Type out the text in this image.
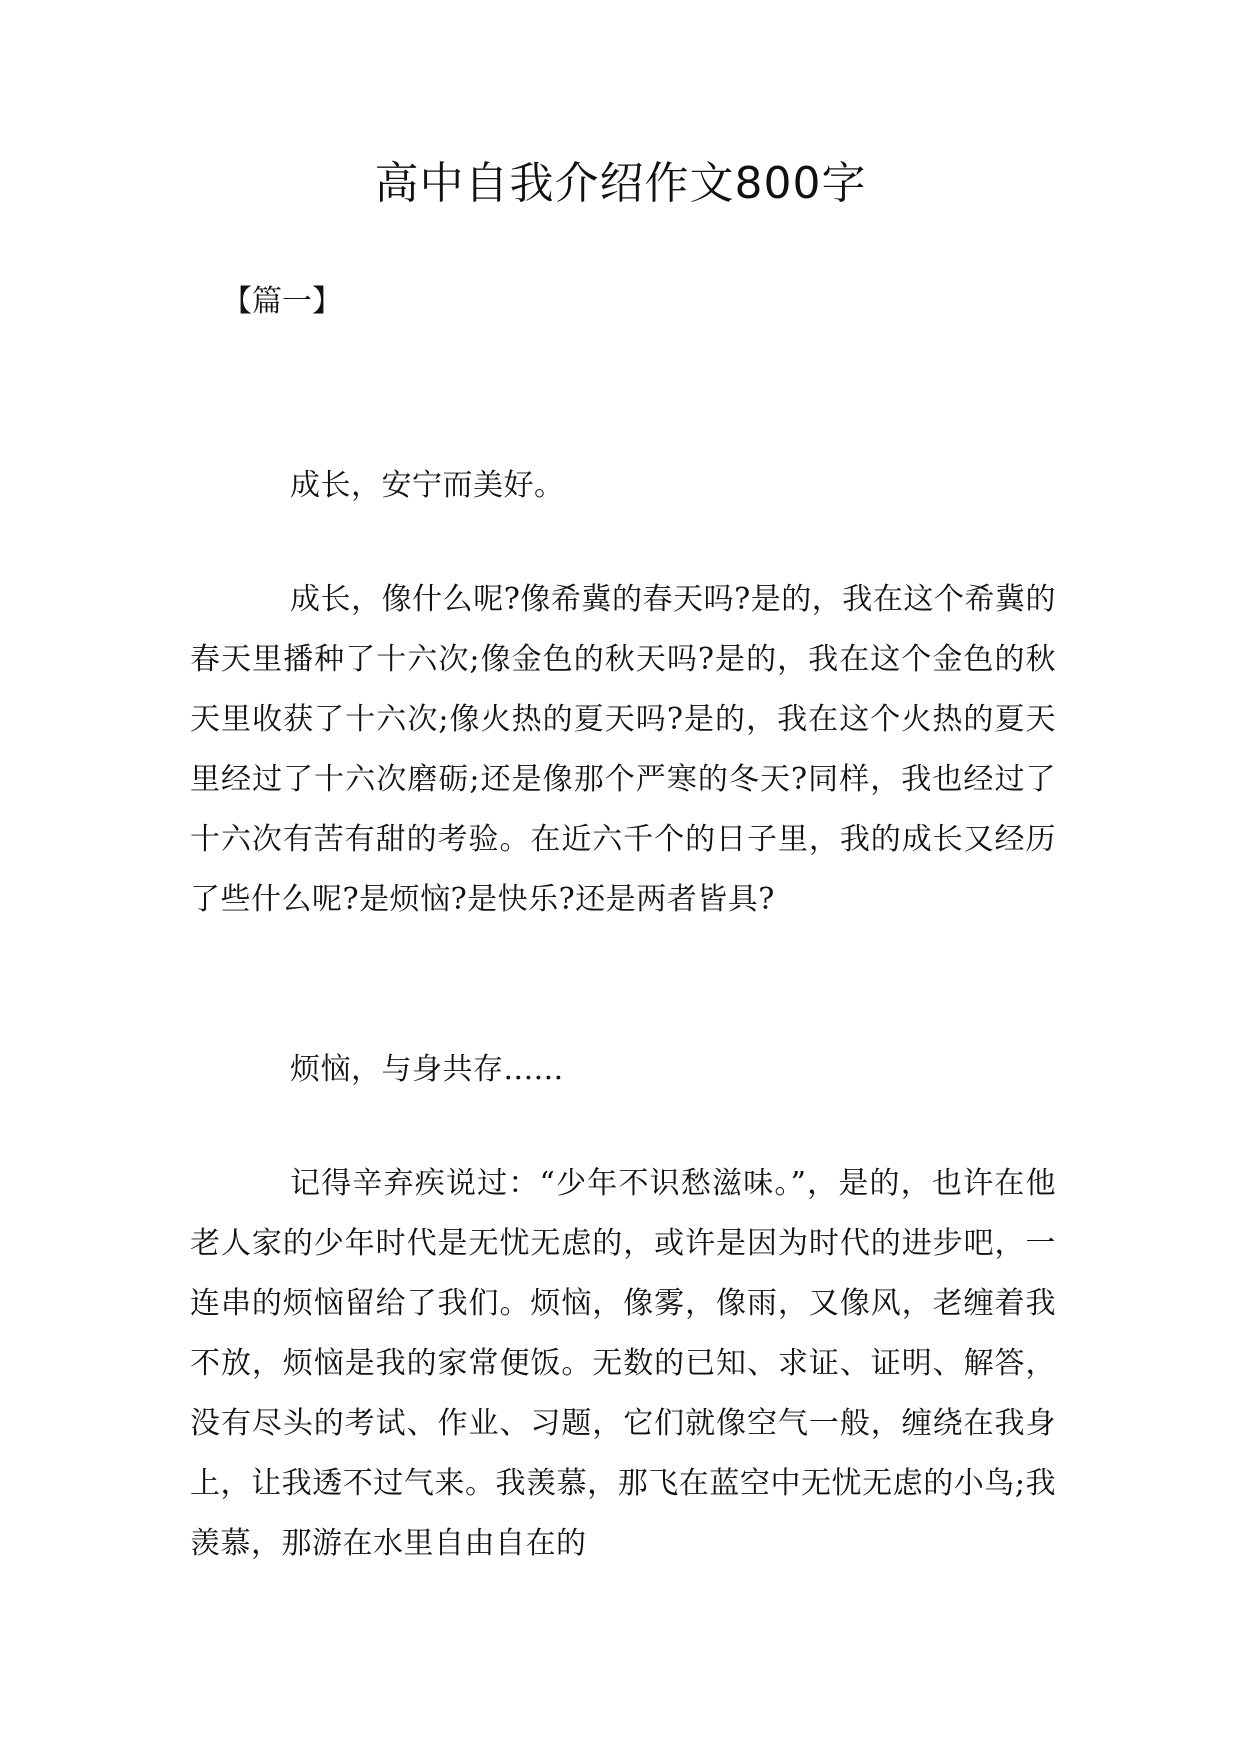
高中自我介绍作文800字

【篇一】

成长，安宁而美好。

成长，像什么呢?像希冀的春天吗?是的，我在这个希冀的春天里播种了十六次;像金色的秋天吗?是的，我在这个金色的秋天里收获了十六次;像火热的夏天吗?是的，我在这个火热的夏天里经过了十六次磨砺;还是像那个严寒的冬天?同样，我也经过了十六次有苦有甜的考验。在近六千个的日子里，我的成长又经历了些什么呢?是烦恼?是快乐?还是两者皆具?

烦恼，与身共存......

记得辛弃疾说过：“少年不识愁滋味。”，是的，也许在他老人家的少年时代是无忧无虑的，或许是因为时代的进步吧，一连串的烦恼留给了我们。烦恼，像雾，像雨，又像风，老缠着我不放，烦恼是我的家常便饭。无数的已知、求证、证明、解答，没有尽头的考试、作业、习题，它们就像空气一般，缠绕在我身上，让我透不过气来。我羡慕，那飞在蓝空中无忧无虑的小鸟;我羡慕，那游在水里自由自在的
